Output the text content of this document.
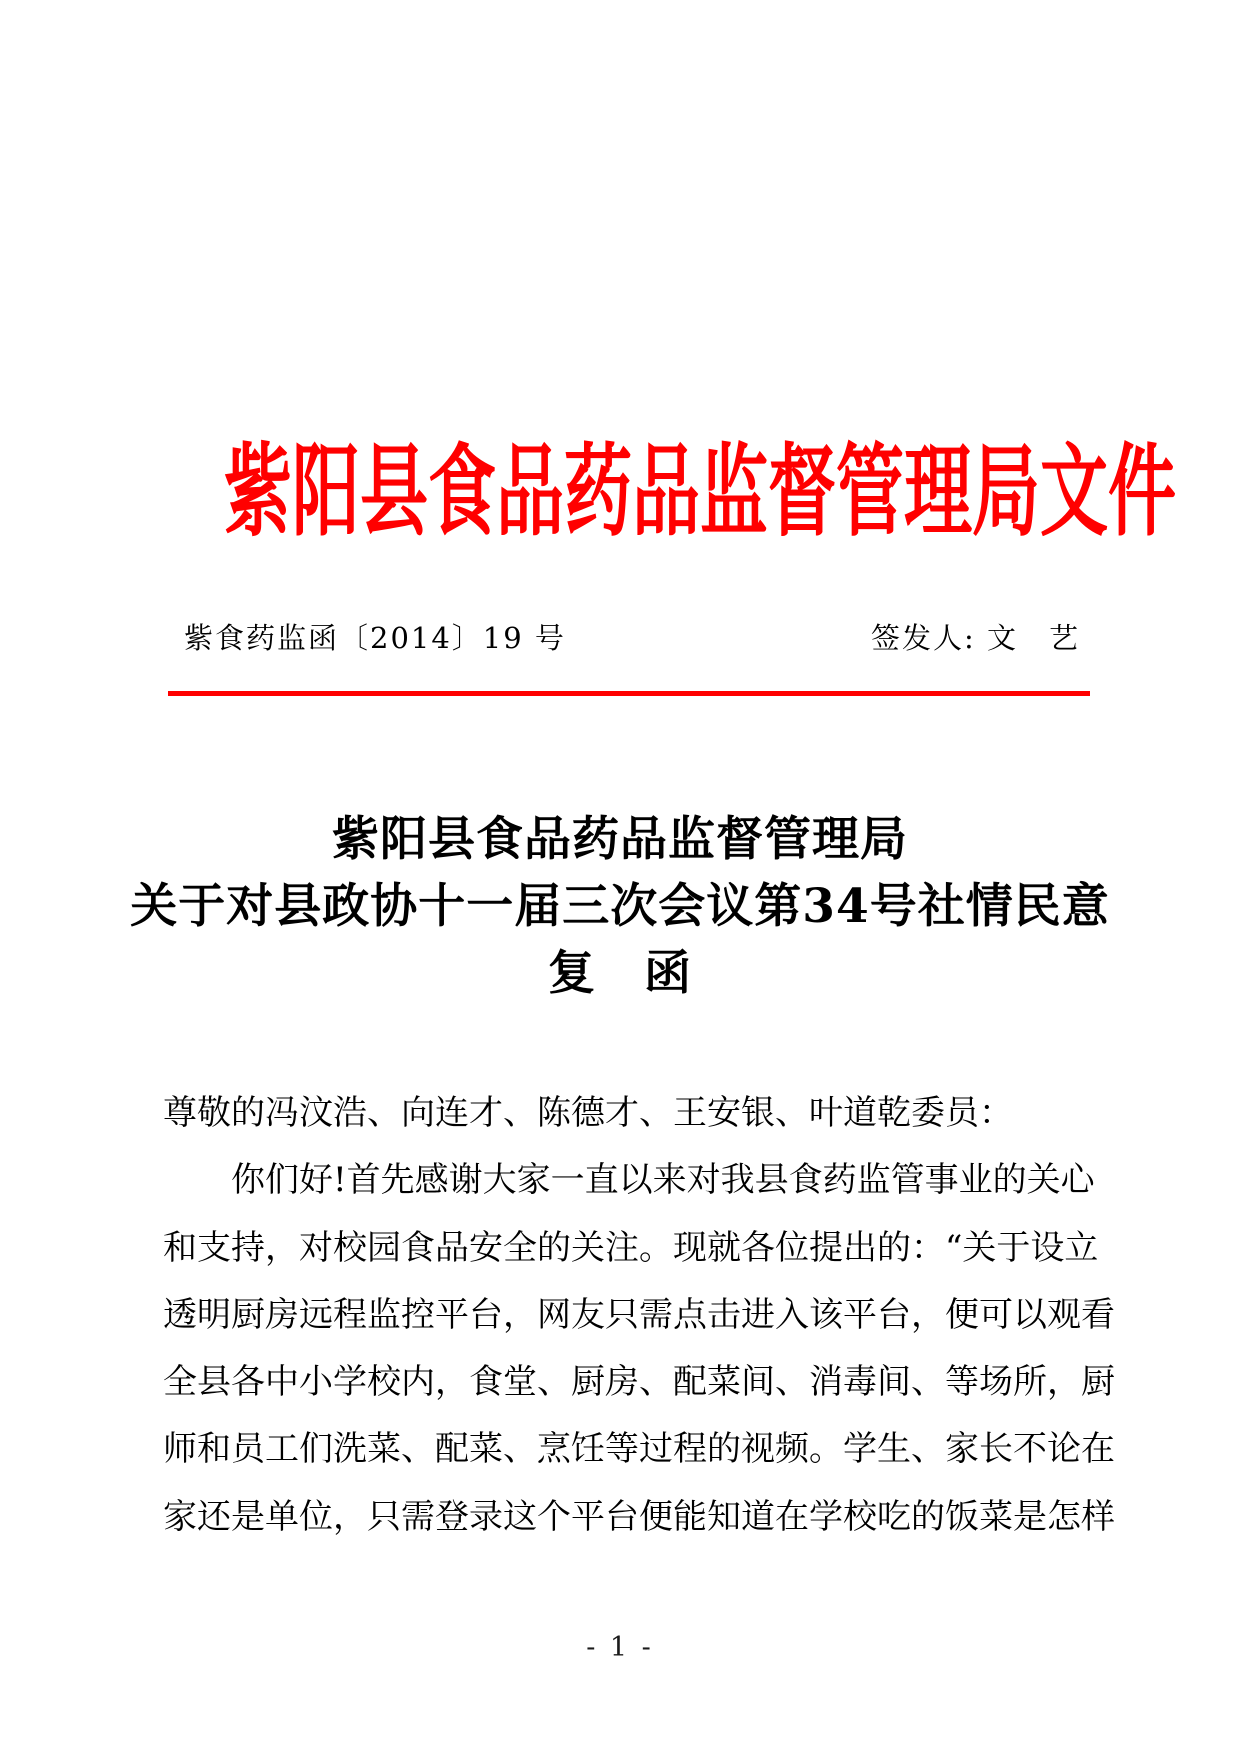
紫阳县食品药品监督管理局文件
紫食药监函〔2014〕19 号	签发人: 文　艺
紫阳县食品药品监督管理局
关于对县政协十一届三次会议第34号社情民意
复　函
尊敬的冯汶浩、向连才、陈德才、王安银、叶道乾委员：
你们好!首先感谢大家一直以来对我县食药监管事业的关心
和支持，对校园食品安全的关注。现就各位提出的：“关于设立
透明厨房远程监控平台，网友只需点击进入该平台，便可以观看
全县各中小学校内，食堂、厨房、配菜间、消毒间、等场所，厨
师和员工们洗菜、配菜、烹饪等过程的视频。学生、家长不论在
家还是单位，只需登录这个平台便能知道在学校吃的饭菜是怎样
- 1 -
